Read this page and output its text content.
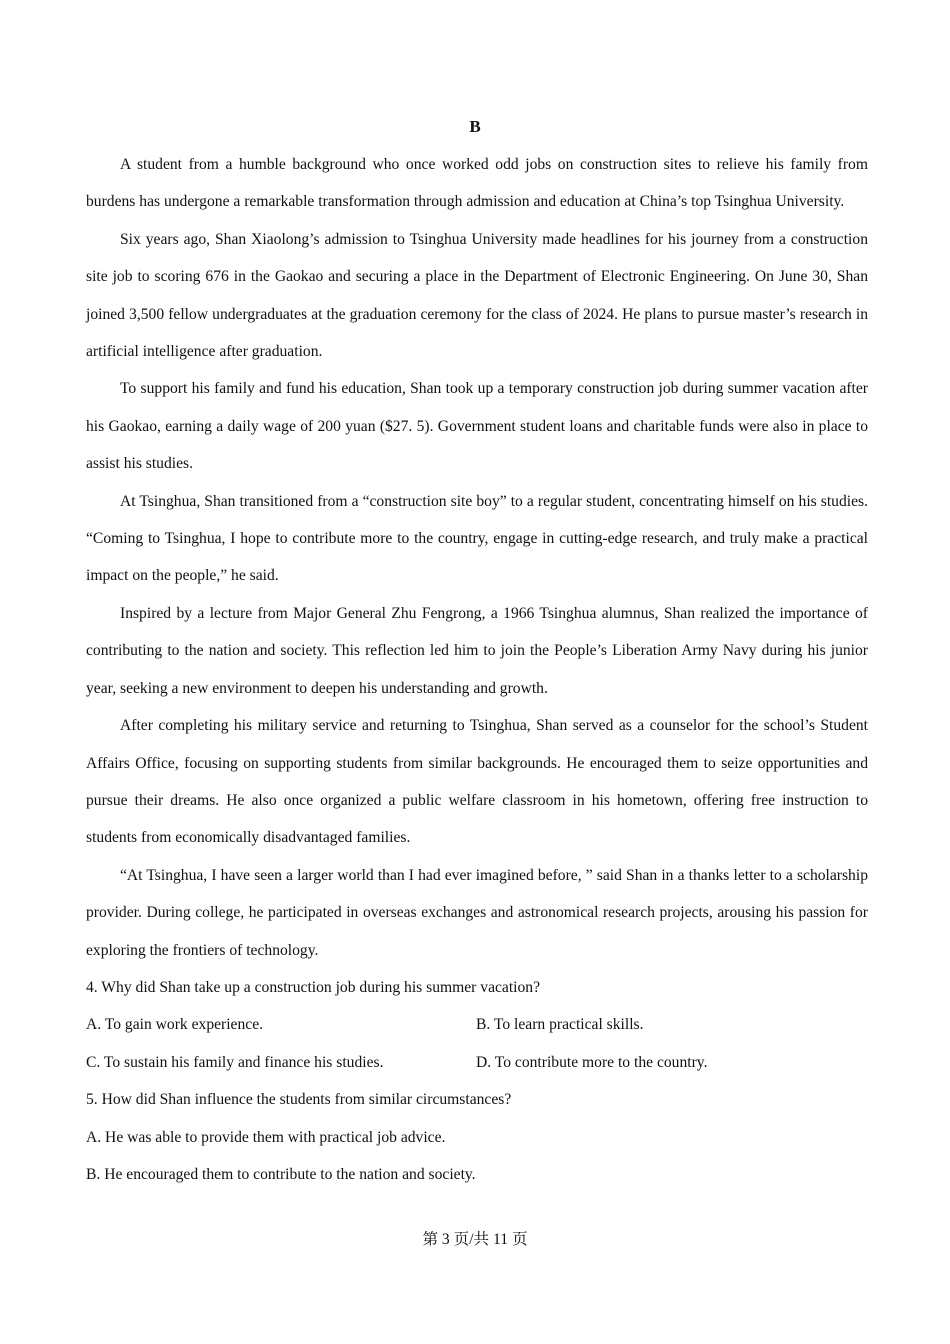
B

A student from a humble background who once worked odd jobs on construction sites to relieve his family from burdens has undergone a remarkable transformation through admission and education at China’s top Tsinghua University.

Six years ago, Shan Xiaolong’s admission to Tsinghua University made headlines for his journey from a construction site job to scoring 676 in the Gaokao and securing a place in the Department of Electronic Engineering. On June 30, Shan joined 3,500 fellow undergraduates at the graduation ceremony for the class of 2024. He plans to pursue master’s research in artificial intelligence after graduation.

To support his family and fund his education, Shan took up a temporary construction job during summer vacation after his Gaokao, earning a daily wage of 200 yuan ($27. 5). Government student loans and charitable funds were also in place to assist his studies.

At Tsinghua, Shan transitioned from a “construction site boy” to a regular student, concentrating himself on his studies. “Coming to Tsinghua, I hope to contribute more to the country, engage in cutting-edge research, and truly make a practical impact on the people,” he said.

Inspired by a lecture from Major General Zhu Fengrong, a 1966 Tsinghua alumnus, Shan realized the importance of contributing to the nation and society. This reflection led him to join the People’s Liberation Army Navy during his junior year, seeking a new environment to deepen his understanding and growth.

After completing his military service and returning to Tsinghua, Shan served as a counselor for the school’s Student Affairs Office, focusing on supporting students from similar backgrounds. He encouraged them to seize opportunities and pursue their dreams. He also once organized a public welfare classroom in his hometown, offering free instruction to students from economically disadvantaged families.

“At Tsinghua, I have seen a larger world than I had ever imagined before, ” said Shan in a thanks letter to a scholarship provider. During college, he participated in overseas exchanges and astronomical research projects, arousing his passion for exploring the frontiers of technology.

4. Why did Shan take up a construction job during his summer vacation?

A. To gain work experience.	B. To learn practical skills.
C. To sustain his family and finance his studies.	D. To contribute more to the country.

5. How did Shan influence the students from similar circumstances?

A. He was able to provide them with practical job advice.
B. He encouraged them to contribute to the nation and society.
第 3 页/共 11 页
